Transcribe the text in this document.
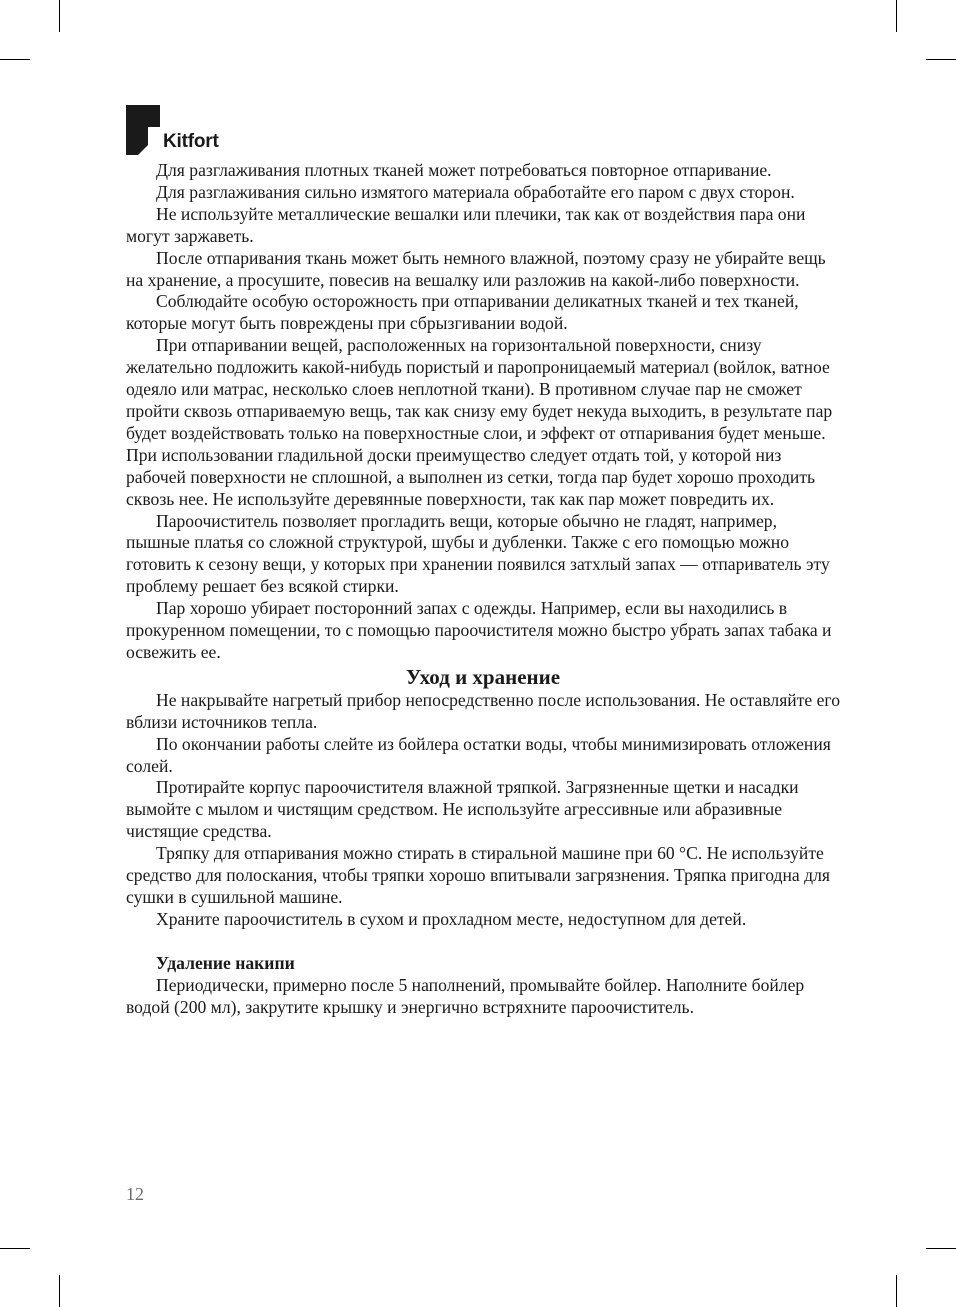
Kitfort

Для разглаживания плотных тканей может потребоваться повторное отпаривание.

Для разглаживания сильно измятого материала обработайте его паром с двух сторон.

Не используйте металлические вешалки или плечики, так как от воздействия пара они могут заржаветь.

После отпаривания ткань может быть немного влажной, поэтому сразу не убирайте вещь на хранение, а просушите, повесив на вешалку или разложив на какой-либо поверхности.

Соблюдайте особую осторожность при отпаривании деликатных тканей и тех тканей, которые могут быть повреждены при сбрызгивании водой.

При отпаривании вещей, расположенных на горизонтальной поверхности, снизу желательно подложить какой-нибудь пористый и паропроницаемый материал (войлок, ватное одеяло или матрас, несколько слоев неплотной ткани). В противном случае пар не сможет пройти сквозь отпариваемую вещь, так как снизу ему будет некуда выходить, в результате пар будет воздействовать только на поверхностные слои, и эффект от отпаривания будет меньше. При использовании гладильной доски преимущество следует отдать той, у которой низ рабочей поверхности не сплошной, а выполнен из сетки, тогда пар будет хорошо проходить сквозь нее. Не используйте деревянные поверхности, так как пар может повредить их.

Пароочиститель позволяет прогладить вещи, которые обычно не гладят, например, пышные платья со сложной структурой, шубы и дубленки. Также с его помощью можно готовить к сезону вещи, у которых при хранении появился затхлый запах — отпариватель эту проблему решает без всякой стирки.

Пар хорошо убирает посторонний запах с одежды. Например, если вы находились в прокуренном помещении, то с помощью пароочистителя можно быстро убрать запах табака и освежить ее.

Уход и хранение

Не накрывайте нагретый прибор непосредственно после использования. Не оставляйте его вблизи источников тепла.

По окончании работы слейте из бойлера остатки воды, чтобы минимизировать отложения солей.

Протирайте корпус пароочистителя влажной тряпкой. Загрязненные щетки и насадки вымойте с мылом и чистящим средством. Не используйте агрессивные или абразивные чистящие средства.

Тряпку для отпаривания можно стирать в стиральной машине при 60 °С. Не используйте средство для полоскания, чтобы тряпки хорошо впитывали загрязнения. Тряпка пригодна для сушки в сушильной машине.

Храните пароочиститель в сухом и прохладном месте, недоступном для детей.

Удаление накипи

Периодически, примерно после 5 наполнений, промывайте бойлер. Наполните бойлер водой (200 мл), закрутите крышку и энергично встряхните пароочиститель.

12
